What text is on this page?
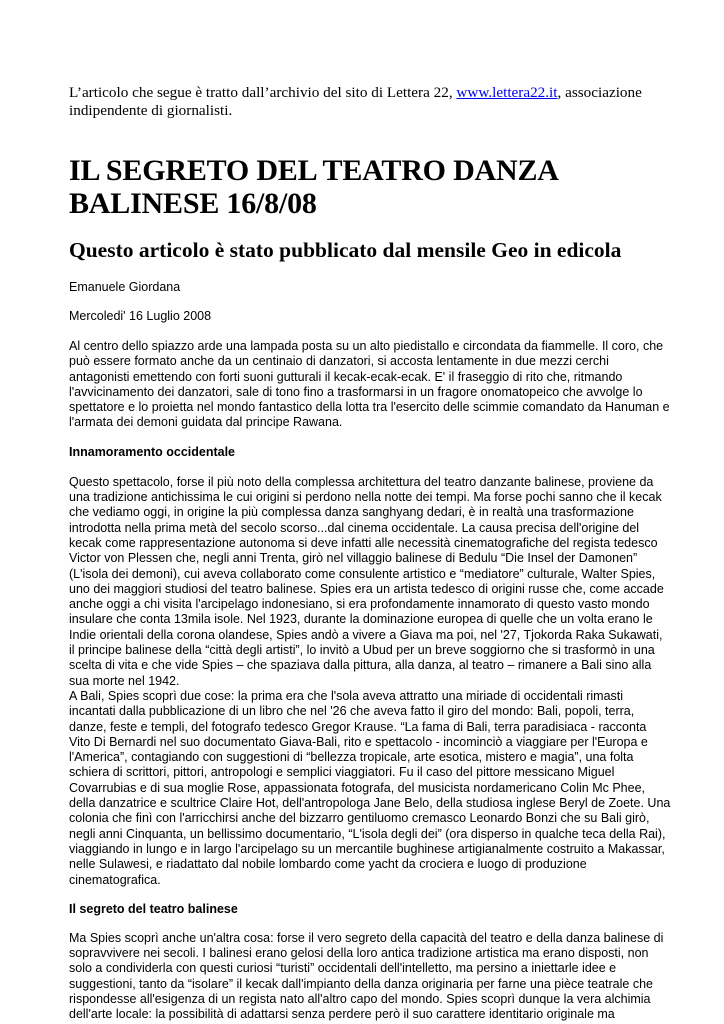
L’articolo che segue è tratto dall’archivio del sito di Lettera 22, www.lettera22.it, associazione
indipendente di giornalisti.

IL SEGRETO DEL TEATRO DANZA
BALINESE 16/8/08
Questo articolo è stato pubblicato dal mensile Geo in edicola

Emanuele Giordana

Mercoledi' 16 Luglio 2008

Al centro dello spiazzo arde una lampada posta su un alto piedistallo e circondata da fiammelle. Il coro, che
può essere formato anche da un centinaio di danzatori, si accosta lentamente in due mezzi cerchi
antagonisti emettendo con forti suoni gutturali il kecak-ecak-ecak. E' il fraseggio di rito che, ritmando
l'avvicinamento dei danzatori, sale di tono fino a trasformarsi in un fragore onomatopeico che avvolge lo
spettatore e lo proietta nel mondo fantastico della lotta tra l'esercito delle scimmie comandato da Hanuman e
l'armata dei demoni guidata dal principe Rawana.

Innamoramento occidentale

Questo spettacolo, forse il più noto della complessa architettura del teatro danzante balinese, proviene da
una tradizione antichissima le cui origini si perdono nella notte dei tempi. Ma forse pochi sanno che il kecak
che vediamo oggi, in origine la più complessa danza sanghyang dedari, è in realtà una trasformazione
introdotta nella prima metà del secolo scorso...dal cinema occidentale. La causa precisa dell'origine del
kecak come rappresentazione autonoma si deve infatti alle necessità cinematografiche del regista tedesco
Victor von Plessen che, negli anni Trenta, girò nel villaggio balinese di Bedulu “Die Insel der Damonen”
(L'isola dei demoni), cui aveva collaborato come consulente artistico e “mediatore” culturale, Walter Spies,
uno dei maggiori studiosi del teatro balinese. Spies era un artista tedesco di origini russe che, come accade
anche oggi a chi visita l'arcipelago indonesiano, si era profondamente innamorato di questo vasto mondo
insulare che conta 13mila isole. Nel 1923, durante la dominazione europea di quelle che un volta erano le
Indie orientali della corona olandese, Spies andò a vivere a Giava ma poi, nel '27, Tjokorda Raka Sukawati,
il principe balinese della “città degli artisti”, lo invitò a Ubud per un breve soggiorno che si trasformò in una
scelta di vita e che vide Spies – che spaziava dalla pittura, alla danza, al teatro – rimanere a Bali sino alla
sua morte nel 1942.

A Bali, Spies scoprì due cose: la prima era che l'sola aveva attratto una miriade di occidentali rimasti
incantati dalla pubblicazione di un libro che nel '26 che aveva fatto il giro del mondo: Bali, popoli, terra,
danze, feste e templi, del fotografo tedesco Gregor Krause. “La fama di Bali, terra paradisiaca - racconta
Vito Di Bernardi nel suo documentato Giava-Bali, rito e spettacolo - incominciò a viaggiare per l'Europa e
l'America”, contagiando con suggestioni di “bellezza tropicale, arte esotica, mistero e magia”, una folta
schiera di scrittori, pittori, antropologi e semplici viaggiatori. Fu il caso del pittore messicano Miguel
Covarrubias e di sua moglie Rose, appassionata fotografa, del musicista nordamericano Colin Mc Phee,
della danzatrice e scultrice Claire Hot, dell'antropologa Jane Belo, della studiosa inglese Beryl de Zoete. Una
colonia che finì con l'arricchirsi anche del bizzarro gentiluomo cremasco Leonardo Bonzi che su Bali girò,
negli anni Cinquanta, un bellissimo documentario, “L'isola degli dei” (ora disperso in qualche teca della Rai),
viaggiando in lungo e in largo l'arcipelago su un mercantile bughinese artigianalmente costruito a Makassar,
nelle Sulawesi, e riadattato dal nobile lombardo come yacht da crociera e luogo di produzione
cinematografica.

Il segreto del teatro balinese

Ma Spies scoprì anche un'altra cosa: forse il vero segreto della capacità del teatro e della danza balinese di
sopravvivere nei secoli. I balinesi erano gelosi della loro antica tradizione artistica ma erano disposti, non
solo a condividerla con questi curiosi “turisti” occidentali dell'intelletto, ma persino a iniettarle idee e
suggestioni, tanto da “isolare” il kecak dall'impianto della danza originaria per farne una pièce teatrale che
rispondesse all'esigenza di un regista nato all'altro capo del mondo. Spies scoprì dunque la vera alchimia
dell'arte locale: la possibilità di adattarsi senza perdere però il suo carattere identitario originale ma
